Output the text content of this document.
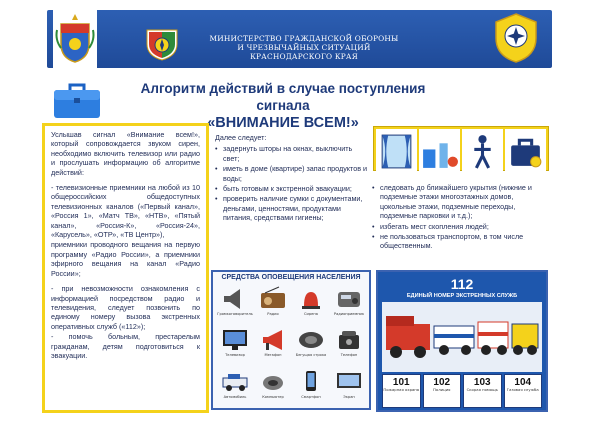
МИНИСТЕРСТВО ГРАЖДАНСКОЙ ОБОРОНЫ
И ЧРЕЗВЫЧАЙНЫХ СИТУАЦИЙ
КРАСНОДАРСКОГО КРАЯ
Алгоритм действий в случае поступления сигнала
«ВНИМАНИЕ ВСЕМ!»

Услышав сигнал «Внимание всем!», который сопровождается звуком сирен, необходимо включить телевизор или радио и прослушать информацию об алгоритме действий:

- телевизионные приемники на любой из 10 общероссийских общедоступных телевизионных каналов («Первый канал», «Россия 1», «Матч ТВ», «НТВ», «Пятый канал», «Россия-К», «Россия-24», «Карусель», «ОТР», «ТВ Центр»),

приемники проводного вещания на первую программу «Радио России», а приемники эфирного вещания на канал «Радио России»;

- при невозможности ознакомления с информацией посредством радио и телевидения, следует позвонить по единому номеру вызова экстренных оперативных служб («112»);

- помочь больным, престарелым гражданам, детям подготовиться к эвакуации.

Далее следует:
• задернуть шторы на окнах, выключить свет;
• иметь в доме (квартире) запас продуктов и воды;
• быть готовым к экстренной эвакуации;
• проверить наличие сумки с документами, деньгами, ценностями, продуктами питания, средствами гигиены;
• следовать до ближайшего укрытия (нижние и подземные этажи многоэтажных домов, цокольные этажи, подземные переходы, подземные парковки и т.д.);
• избегать мест скопления людей;
• не пользоваться транспортом, в том числе общественным.
СРЕДСТВА ОПОВЕЩЕНИЯ НАСЕЛЕНИЯ
Громкоговоритель	Радио	Сирена	Радиоприемник
Телевизор	Мегафон	Бегущая строка	Телефон
Автомобиль	Компьютер	Смартфон	Экран
112
ЕДИНЫЙ НОМЕР ЭКСТРЕННЫХ СЛУЖБ
101
Пожарная охрана
102
Полиция
103
Скорая помощь
104
Газовая служба
